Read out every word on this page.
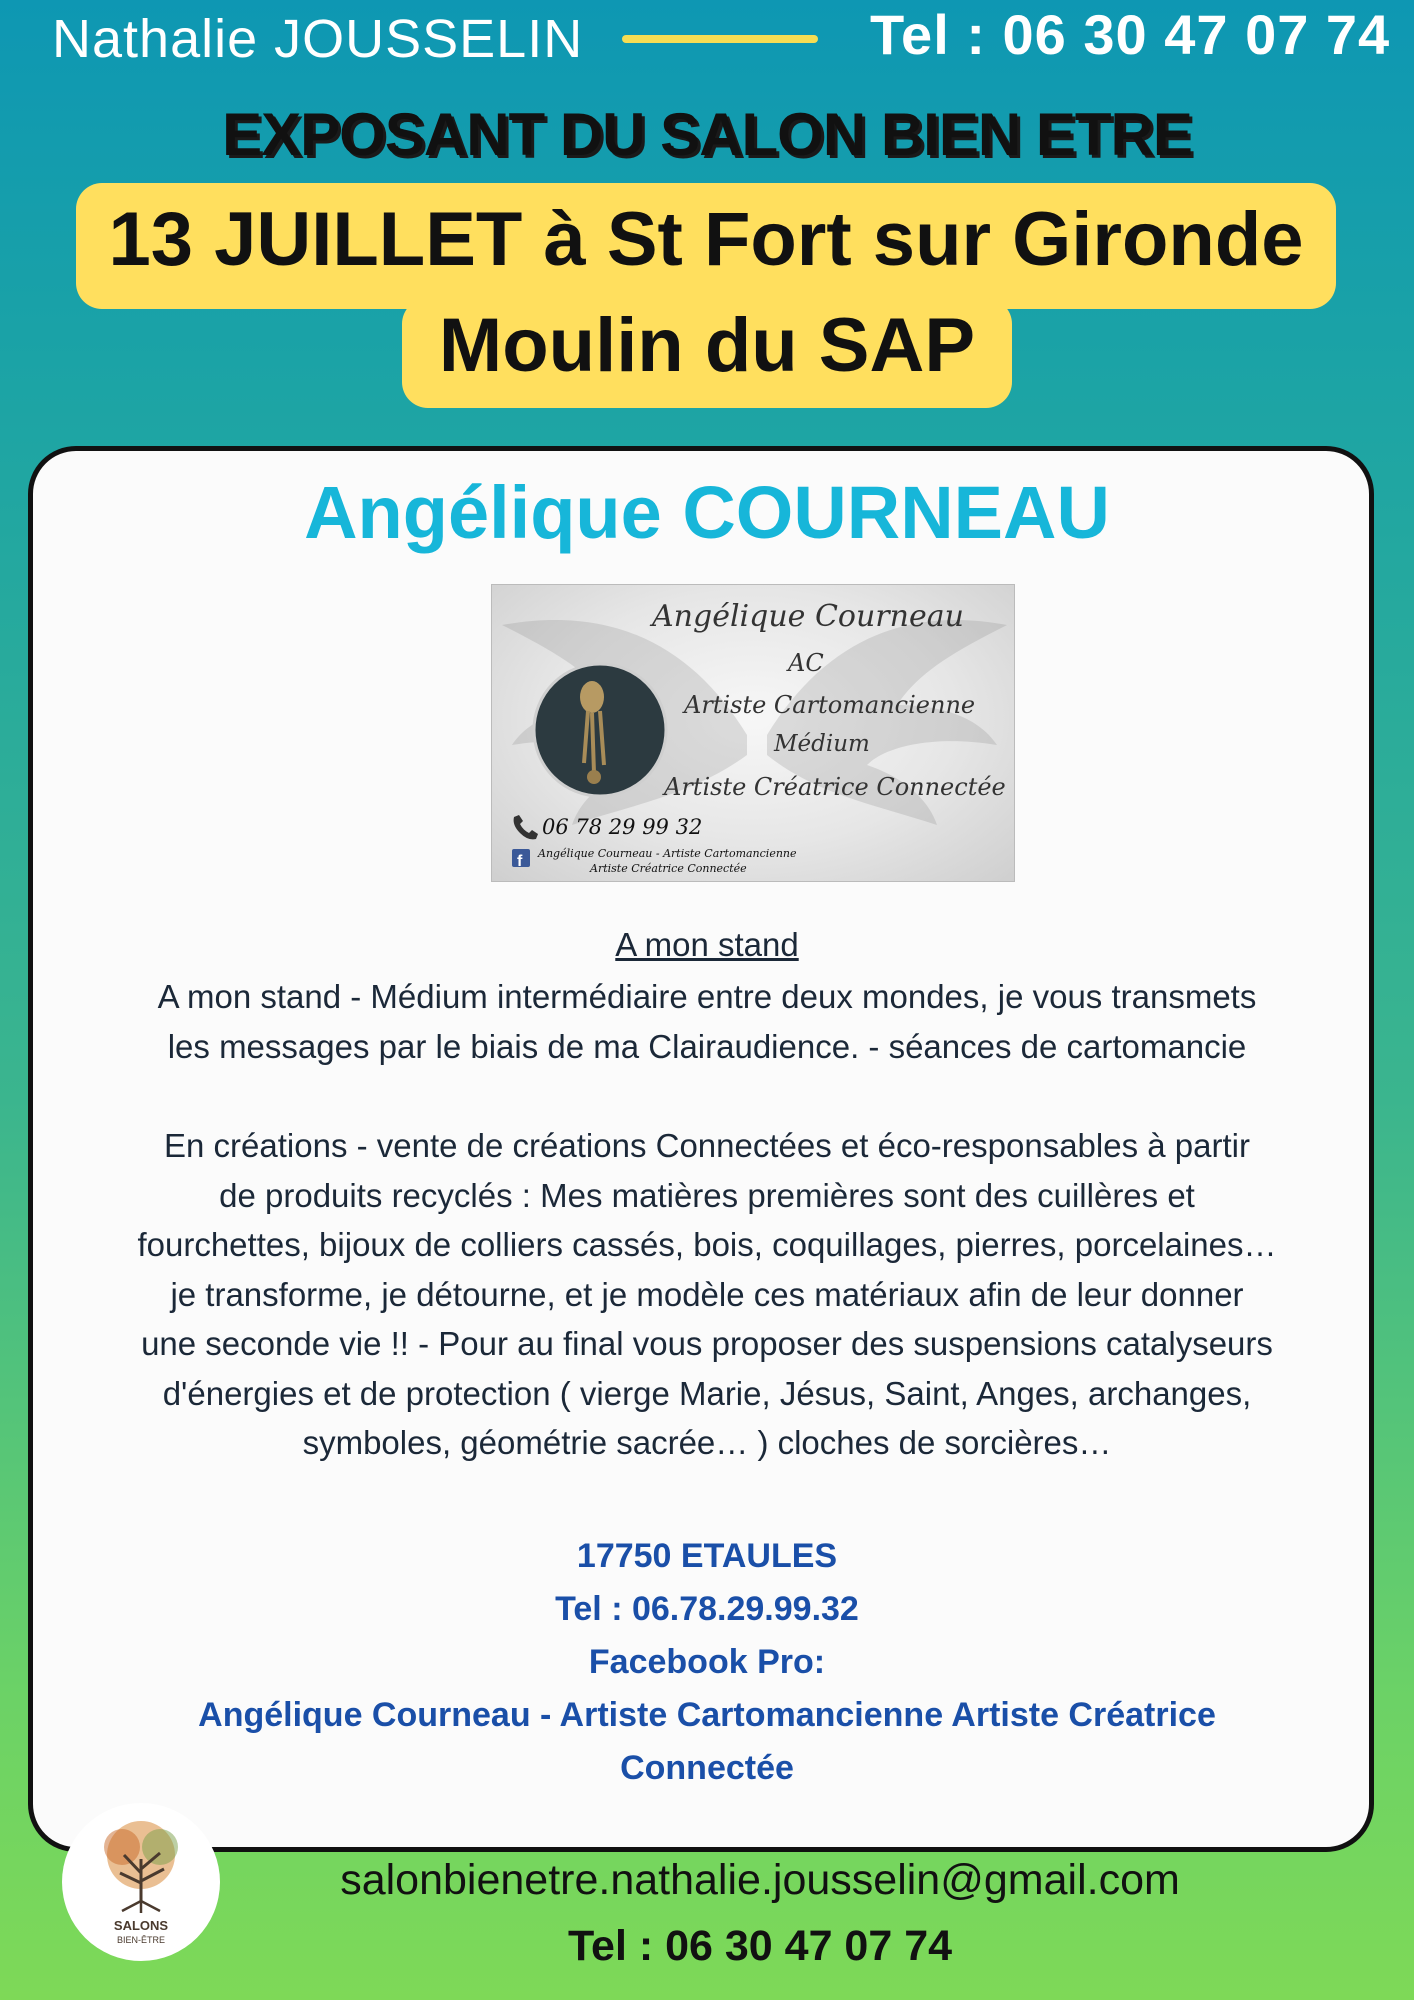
Nathalie JOUSSELIN	Tel : 06 30 47 07 74
EXPOSANT DU SALON BIEN ETRE
13 JUILLET à St Fort sur Gironde
Moulin du SAP
Angélique COURNEAU
f
Angélique Courneau
AC
Artiste Cartomancienne
Médium
Artiste Créatrice Connectée
06 78 29 99 32
Angélique Courneau - Artiste Cartomancienne
Artiste Créatrice Connectée
A mon stand
A mon stand - Médium intermédiaire entre deux mondes, je vous transmets
les messages par le biais de ma Clairaudience. - séances de cartomancie
En créations - vente de créations Connectées et éco-responsables à partir
de produits recyclés : Mes matières premières sont des cuillères et
fourchettes, bijoux de colliers cassés, bois, coquillages, pierres, porcelaines…
je transforme, je détourne, et je modèle ces matériaux afin de leur donner
une seconde vie !! - Pour au final vous proposer des suspensions catalyseurs
d'énergies et de protection ( vierge Marie, Jésus, Saint, Anges, archanges,
symboles, géométrie sacrée… ) cloches de sorcières…
17750 ETAULES
Tel : 06.78.29.99.32
Facebook Pro:
Angélique Courneau - Artiste Cartomancienne Artiste Créatrice
Connectée
SALONS
BIEN-ÊTRE
salonbienetre.nathalie.jousselin@gmail.com
Tel : 06 30 47 07 74
